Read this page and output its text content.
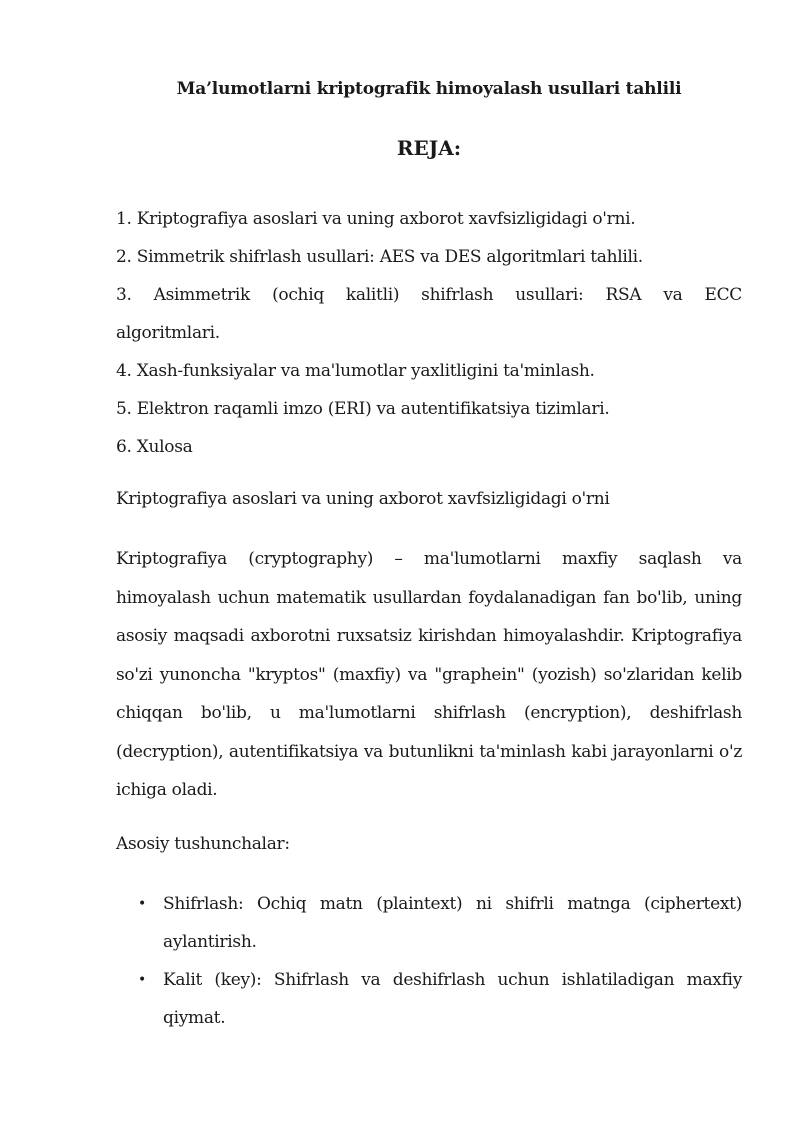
Ma’lumotlarni kriptografik himoyalash usullari tahlili
REJA:
1. Kriptografiya asoslari va uning axborot xavfsizligidagi o'rni.
2. Simmetrik shifrlash usullari: AES va DES algoritmlari tahlili.
3. Asimmetrik (ochiq kalitli) shifrlash usullari: RSA va ECC
algoritmlari.
4. Xash-funksiyalar va ma'lumotlar yaxlitligini ta'minlash.
5. Elektron raqamli imzo (ERI) va autentifikatsiya tizimlari.
6. Xulosa

Kriptografiya asoslari va uning axborot xavfsizligidagi o'rni

Kriptografiya (cryptography) – ma'lumotlarni maxfiy saqlash va himoyalash uchun matematik usullardan foydalanadigan fan bo'lib, uning asosiy maqsadi axborotni ruxsatsiz kirishdan himoyalashdir. Kriptografiya so'zi yunoncha "kryptos" (maxfiy) va "graphein" (yozish) so'zlaridan kelib chiqqan bo'lib, u ma'lumotlarni shifrlash (encryption), deshifrlash (decryption), autentifikatsiya va butunlikni ta'minlash kabi jarayonlarni o'z ichiga oladi.

Asosiy tushunchalar:

• Shifrlash: Ochiq matn (plaintext) ni shifrli matnga (ciphertext) aylantirish.
• Kalit (key): Shifrlash va deshifrlash uchun ishlatiladigan maxfiy qiymat.
